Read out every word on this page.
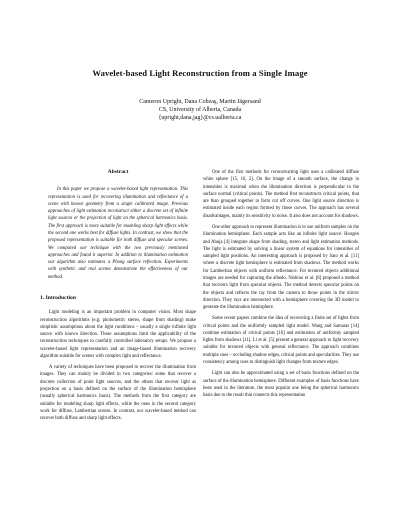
Wavelet-based Light Reconstruction from a Single Image
Cameron Upright, Dana Cobzaş, Martin Jägersand
CS, University of Alberta, Canada
{upright,dana,jag}@cs.ualberta.ca
Abstract

In this paper we propose a wavelet-based light representation. This representation is used for recovering illumination and reflectance of a scene with known geometry from a single calibrated image. Previous approaches of light estimation reconstruct either a discrete set of infinite light sources or the projection of light on the spherical harmonics basis. The first approach is more suitable for modeling sharp light effects while the second one works best for diffuse lights. In contrast, we show that the proposed representation is suitable for both diffuse and specular scenes. We compared our technique with the two previously mentioned approaches and found it superior. In addition to illumination estimation our algorithm also estimates a Phong surface reflection. Experiments with synthetic and real scenes demonstrate the effectiveness of our method.

1. Introduction

Light modeling is an important problem in computer vision. Most shape reconstruction algorithms (e.g; photometric stereo, shape from shading) make simplistic assumptions about the light conditions – usually a single infinite light source with known direction. These assumptions limit the applicability of the reconstruction techniques to carefully controlled laboratory setups. We propose a wavelet-based light representation and an image-based illumination recovery algorithm suitable for scenes with complex light and reflectance.

A variety of techniques have been proposed to recover the illumination from images. They can mainly be divided in two categories: some that recover a discrete collection of point light sources, and the others that recover light as projection on a basis defined on the surface of the illumination hemisphere (usually spherical harmonics basis). The methods from the first category are suitable for modeling sharp light effects, while the ones in the second category work for diffuse, Lambertian scenes. In contrast, our wavelet-based method can recover both diffuse and sharp light effects.

One of the first methods for reconstructing light uses a calibrated diffuse white sphere [15, 16, 2]. On the image of a smooth surface, the change in intensities is maximal when the illumination direction is perpendicular to the surface normal (critical points). The method first reconstructs critical points, that are than grouped together to form cut off curves. One light source direction is estimated inside each region formed by those curves. The approach has several disadvantages, mainly its sensitivity to noise. It also does not account for shadows.

One other approach to represent illumination is to use uniform samples on the illumination hemisphere. Each sample acts like an infinite light source. Hoogen and Ahuja [4] integrate shape from shading, stereo and light estimation methods. The light is estimated by solving a linear system of equations for intensities of sampled light positions. An interesting approach is proposed by Sato et al. [11] where a discrete light hemisphere is estimated from shadows. The method works for Lambertian objects with uniform reflectance. For textured objects additional images are needed for capturing the albedo. Nishino et al. [8] proposed a method that recovers light from specular objects. The method detects specular points on the objects and reflects the ray from the camera to those points in the mirror direction. They rays are intersected with a hemisphere covering the 3D model to generate the illumination hemisphere.

Some recent papers combine the idea of recovering a finite set of lights from critical points and the uniformly sampled light model. Wang and Samaras [14] combine estimation of critical points [16] and estimation of uniformly sampled lights from shadows [11]. Li et al. [5] present a general approach to light recovery suitable for textured objects with general reflectance. The approach combines multiple cues – occluding shadow edges, critical points and specularities. They use consistency among cues to distinguish light changes from texture edges.

Light can also be approximated using a set of basis functions defined on the surface of the illumination hemisphere. Different examples of basis functions have been used in the literature, the most popular one being the spherical harmonics basis due to the result that connects this representation
